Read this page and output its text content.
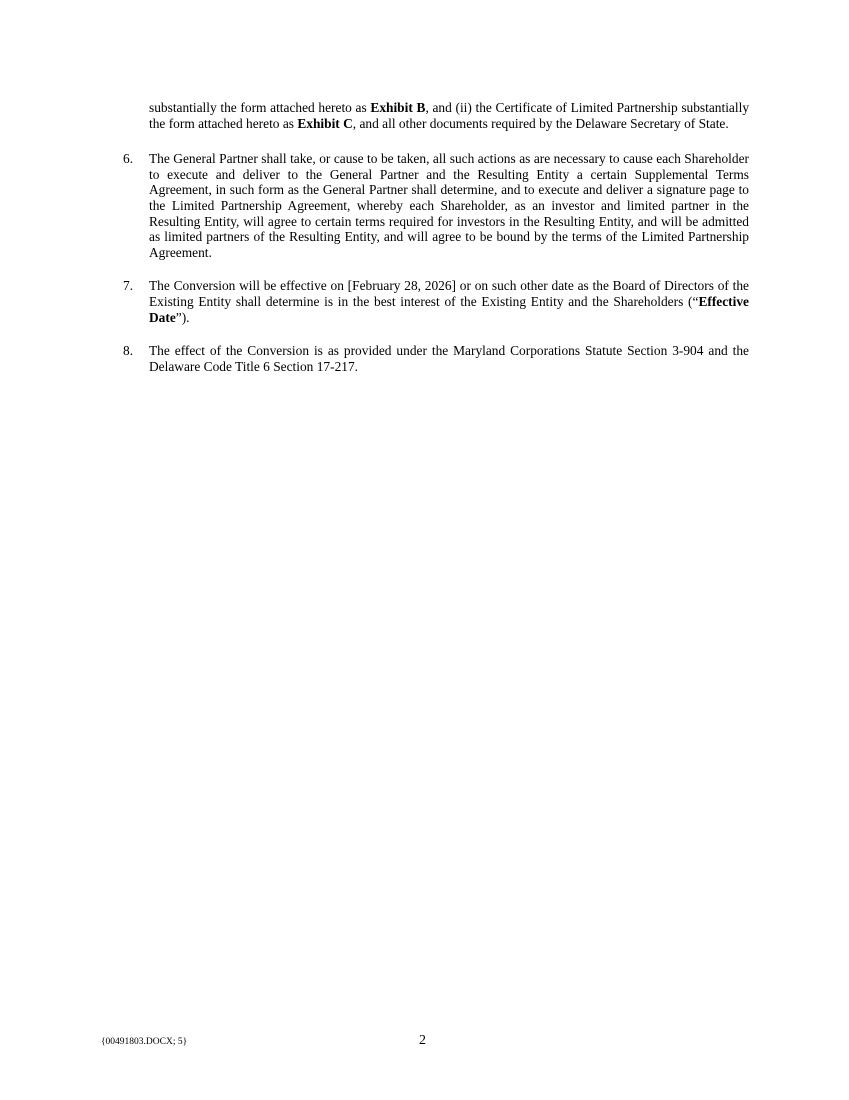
substantially the form attached hereto as Exhibit B, and (ii) the Certificate of Limited Partnership substantially the form attached hereto as Exhibit C, and all other documents required by the Delaware Secretary of State.

6. The General Partner shall take, or cause to be taken, all such actions as are necessary to cause each Shareholder to execute and deliver to the General Partner and the Resulting Entity a certain Supplemental Terms Agreement, in such form as the General Partner shall determine, and to execute and deliver a signature page to the Limited Partnership Agreement, whereby each Shareholder, as an investor and limited partner in the Resulting Entity, will agree to certain terms required for investors in the Resulting Entity, and will be admitted as limited partners of the Resulting Entity, and will agree to be bound by the terms of the Limited Partnership Agreement.
7. The Conversion will be effective on [February 28, 2026] or on such other date as the Board of Directors of the Existing Entity shall determine is in the best interest of the Existing Entity and the Shareholders (“Effective Date”).
8. The effect of the Conversion is as provided under the Maryland Corporations Statute Section 3-904 and the Delaware Code Title 6 Section 17-217.
{00491803.DOCX; 5}	2
